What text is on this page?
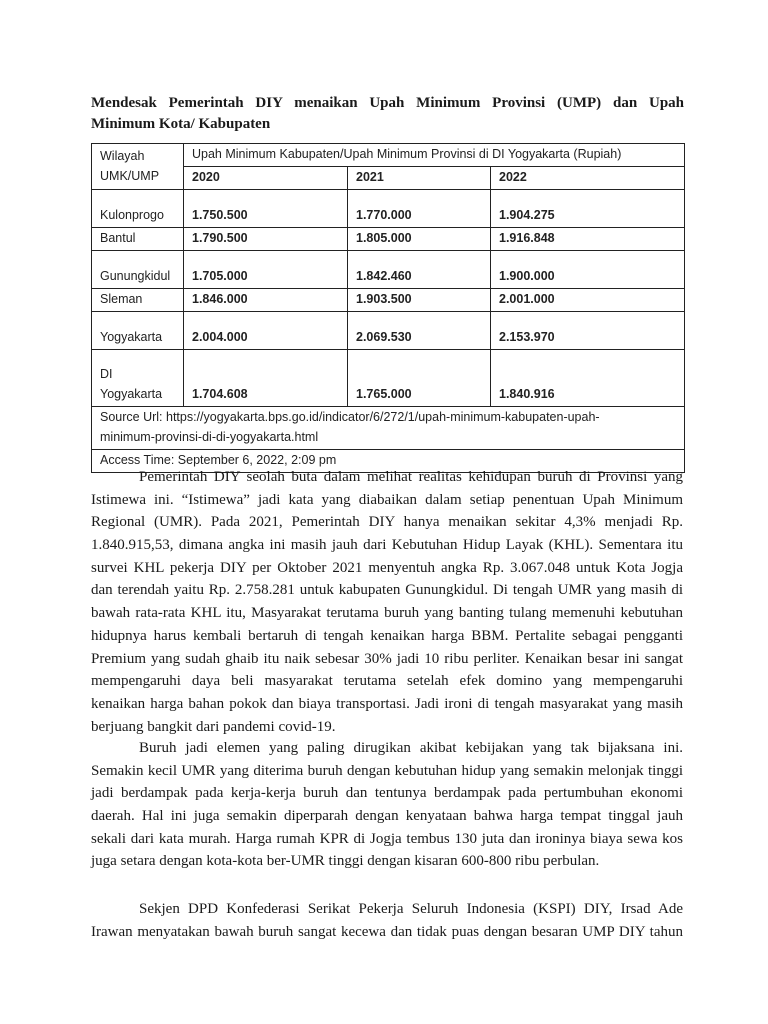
Mendesak Pemerintah DIY menaikan Upah Minimum Provinsi (UMP) dan Upah
Minimum Kota/ Kabupaten
Wilayah
UMK/UMP	Upah Minimum Kabupaten/Upah Minimum Provinsi di DI Yogyakarta (Rupiah)		
	2020	2021	2022
Kulonprogo	1.750.500	1.770.000	1.904.275
Bantul	1.790.500	1.805.000	1.916.848
Gunungkidul	1.705.000	1.842.460	1.900.000
Sleman	1.846.000	1.903.500	2.001.000
Yogyakarta	2.004.000	2.069.530	2.153.970
DI
Yogyakarta	1.704.608	1.765.000	1.840.916
Source Url: https://yogyakarta.bps.go.id/indicator/6/272/1/upah-minimum-kabupaten-upah-
minimum-provinsi-di-di-yogyakarta.html			
Access Time: September 6, 2022, 2:09 pm			
Pemerintah DIY seolah buta dalam melihat realitas kehidupan buruh di Provinsi yang
Istimewa ini. “Istimewa” jadi kata yang diabaikan dalam setiap penentuan Upah Minimum
Regional (UMR). Pada 2021, Pemerintah DIY hanya menaikan sekitar 4,3% menjadi Rp.
1.840.915,53, dimana angka ini masih jauh dari Kebutuhan Hidup Layak (KHL). Sementara itu
survei KHL pekerja DIY per Oktober 2021 menyentuh angka Rp. 3.067.048 untuk Kota Jogja
dan terendah yaitu Rp. 2.758.281 untuk kabupaten Gunungkidul. Di tengah UMR yang masih di
bawah rata-rata KHL itu, Masyarakat terutama buruh yang banting tulang memenuhi kebutuhan
hidupnya harus kembali bertaruh di tengah kenaikan harga BBM. Pertalite sebagai pengganti
Premium yang sudah ghaib itu naik sebesar 30% jadi 10 ribu perliter. Kenaikan besar ini sangat
mempengaruhi daya beli masyarakat terutama setelah efek domino yang mempengaruhi
kenaikan harga bahan pokok dan biaya transportasi. Jadi ironi di tengah masyarakat yang masih
berjuang bangkit dari pandemi covid-19.
Buruh jadi elemen yang paling dirugikan akibat kebijakan yang tak bijaksana ini.
Semakin kecil UMR yang diterima buruh dengan kebutuhan hidup yang semakin melonjak tinggi
jadi berdampak pada kerja-kerja buruh dan tentunya berdampak pada pertumbuhan ekonomi
daerah. Hal ini juga semakin diperparah dengan kenyataan bahwa harga tempat tinggal jauh
sekali dari kata murah. Harga rumah KPR di Jogja tembus 130 juta dan ironinya biaya sewa kos
juga setara dengan kota-kota ber-UMR tinggi dengan kisaran 600-800 ribu perbulan.
Sekjen DPD Konfederasi Serikat Pekerja Seluruh Indonesia (KSPI) DIY, Irsad Ade
Irawan menyatakan bawah buruh sangat kecewa dan tidak puas dengan besaran UMP DIY tahun
